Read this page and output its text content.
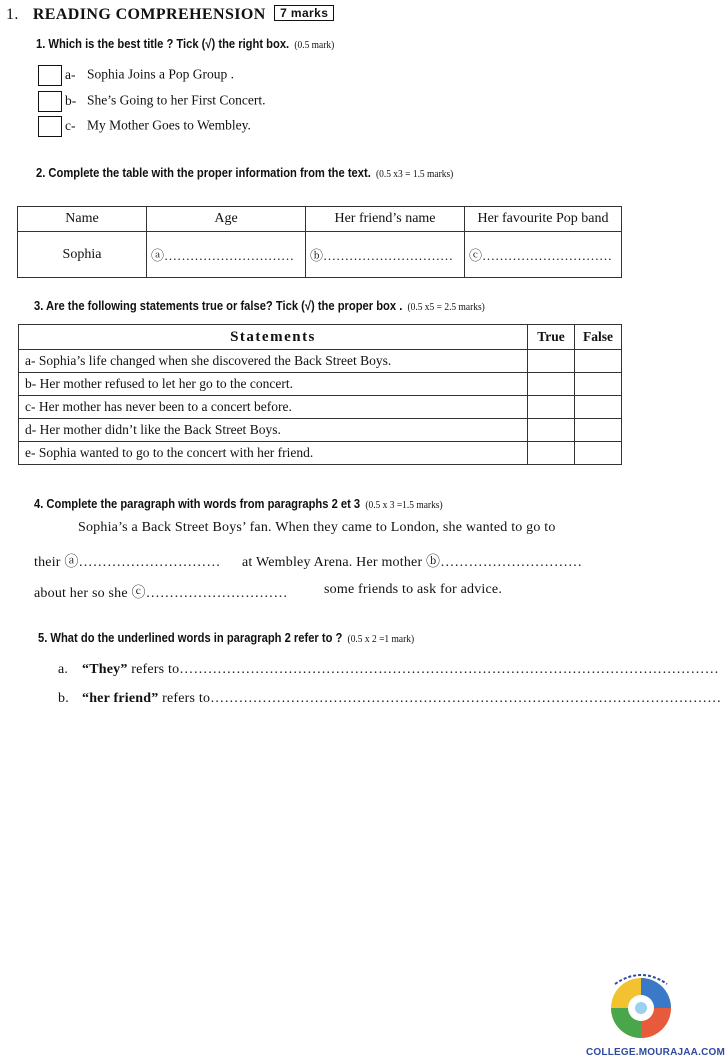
1. READING COMPREHENSION 7 marks
1. Which is the best title ? Tick (√) the right box. (0.5 mark)
a- Sophia Joins a Pop Group .
b- She’s Going to her First Concert.
c- My Mother Goes to Wembley.
2. Complete the table with the proper information from the text. (0.5 x3 = 1.5 marks)
Name	Age	Her friend’s name	Her favourite Pop band
Sophia	ⓐ…………………………	ⓑ…………………………	ⓒ…………………………
3. Are the following statements true or false? Tick (√) the proper box . (0.5 x5 = 2.5 marks)
Statements	True	False
a- Sophia’s life changed when she discovered the Back Street Boys.		
b- Her mother refused to let her go to the concert.		
c- Her mother has never been to a concert before.		
d- Her mother didn’t like the Back Street Boys.		
e- Sophia wanted to go to the concert with her friend.		
4. Complete the paragraph with words from paragraphs 2 et 3 (0.5 x 3 =1.5 marks)
Sophia’s a Back Street Boys’ fan. When they came to London, she wanted to go to
their ⓐ………………………… at Wembley Arena. Her mother ⓑ…………………………
about her so she ⓒ…………………………	some friends to ask for advice.
5. What do the underlined words in paragraph 2 refer to ? (0.5 x 2 =1 mark)
a. “They” refers to……………………………………………………………………………………………………
b. “her friend” refers to………………………………………………………………………………………………
COLLEGE.MOURAJAA.COM
